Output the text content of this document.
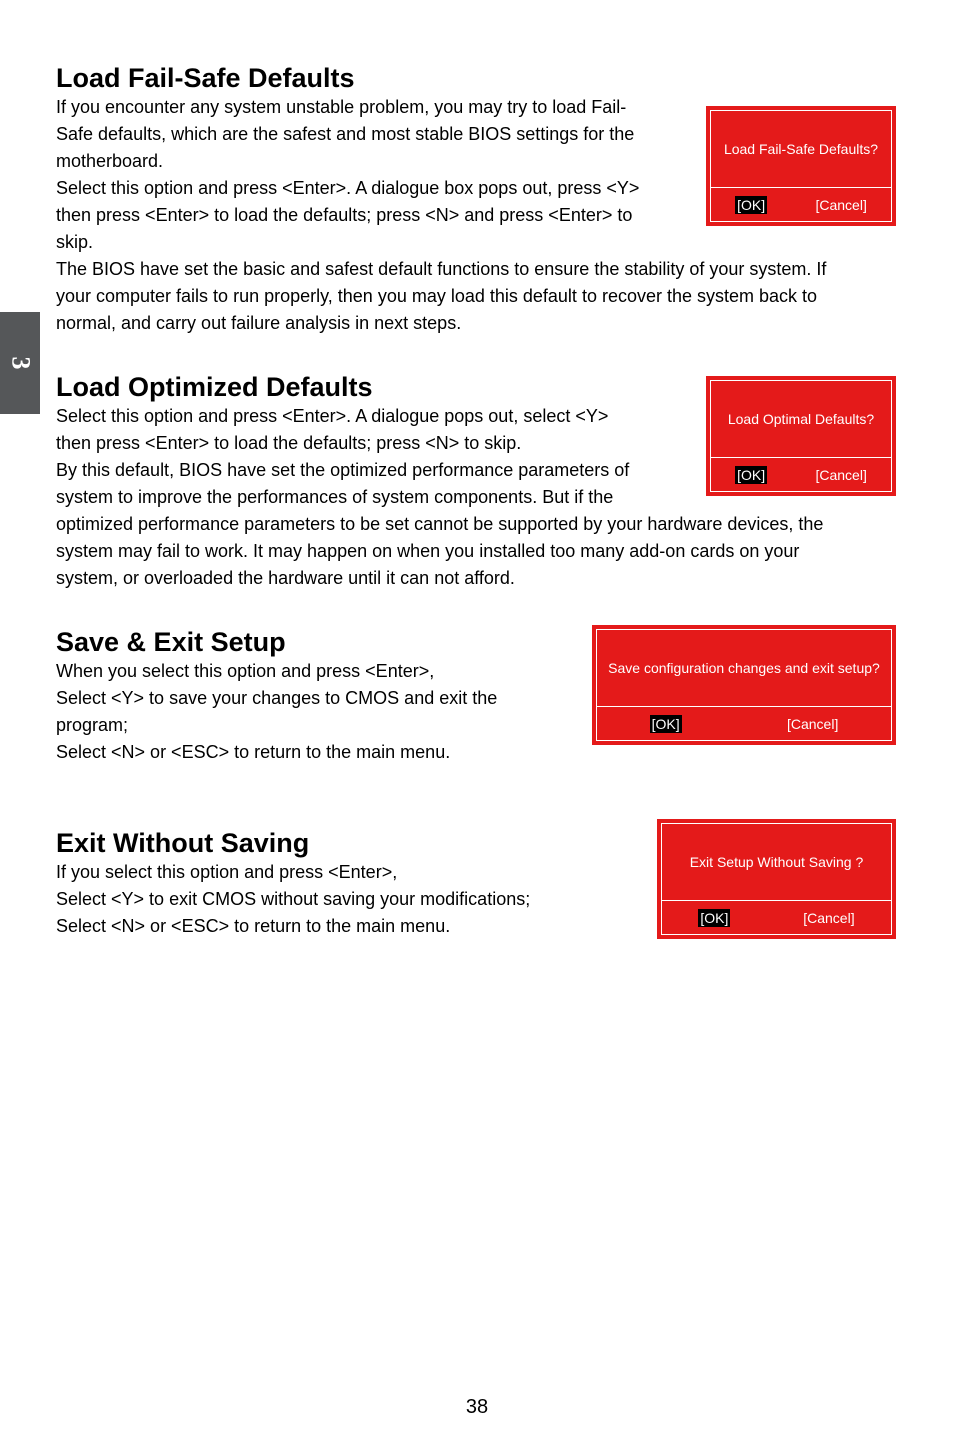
3
Load Fail-Safe Defaults
If you encounter any system unstable problem, you may try to load Fail-
Safe defaults, which are the safest and most stable BIOS settings for the
motherboard.
Select this option and press <Enter>. A dialogue box pops out, press <Y>
then press <Enter> to load the defaults; press <N> and press <Enter> to
skip.
The BIOS have set the basic and safest default functions to ensure the stability of your system. If
your computer fails to run properly, then you may load this default to recover the system back to
normal, and carry out failure analysis in next steps.
Load Fail-Safe Defaults?
[OK]	[Cancel]
Load Optimized Defaults
Select this option and press <Enter>. A dialogue pops out, select <Y>
then press <Enter> to load the defaults; press <N> to skip.
By this default, BIOS have set the optimized performance parameters of
system to improve the performances of system components. But if the
optimized performance parameters to be set cannot be supported by your hardware devices, the
system may fail to work. It may happen on when you installed too many add-on cards on your
system, or overloaded the hardware until it can not afford.
Load Optimal Defaults?
[OK]	[Cancel]
Save & Exit Setup
When you select this option and press <Enter>,
Select <Y> to save your changes to CMOS and exit the
program;
Select <N> or <ESC> to return to the main menu.
Save configuration changes and exit setup?
[OK]	[Cancel]
Exit Without Saving
If you select this option and press <Enter>,
Select <Y> to exit CMOS without saving your modifications;
Select <N> or <ESC> to return to the main menu.
Exit Setup Without Saving ?
[OK]	[Cancel]
38
